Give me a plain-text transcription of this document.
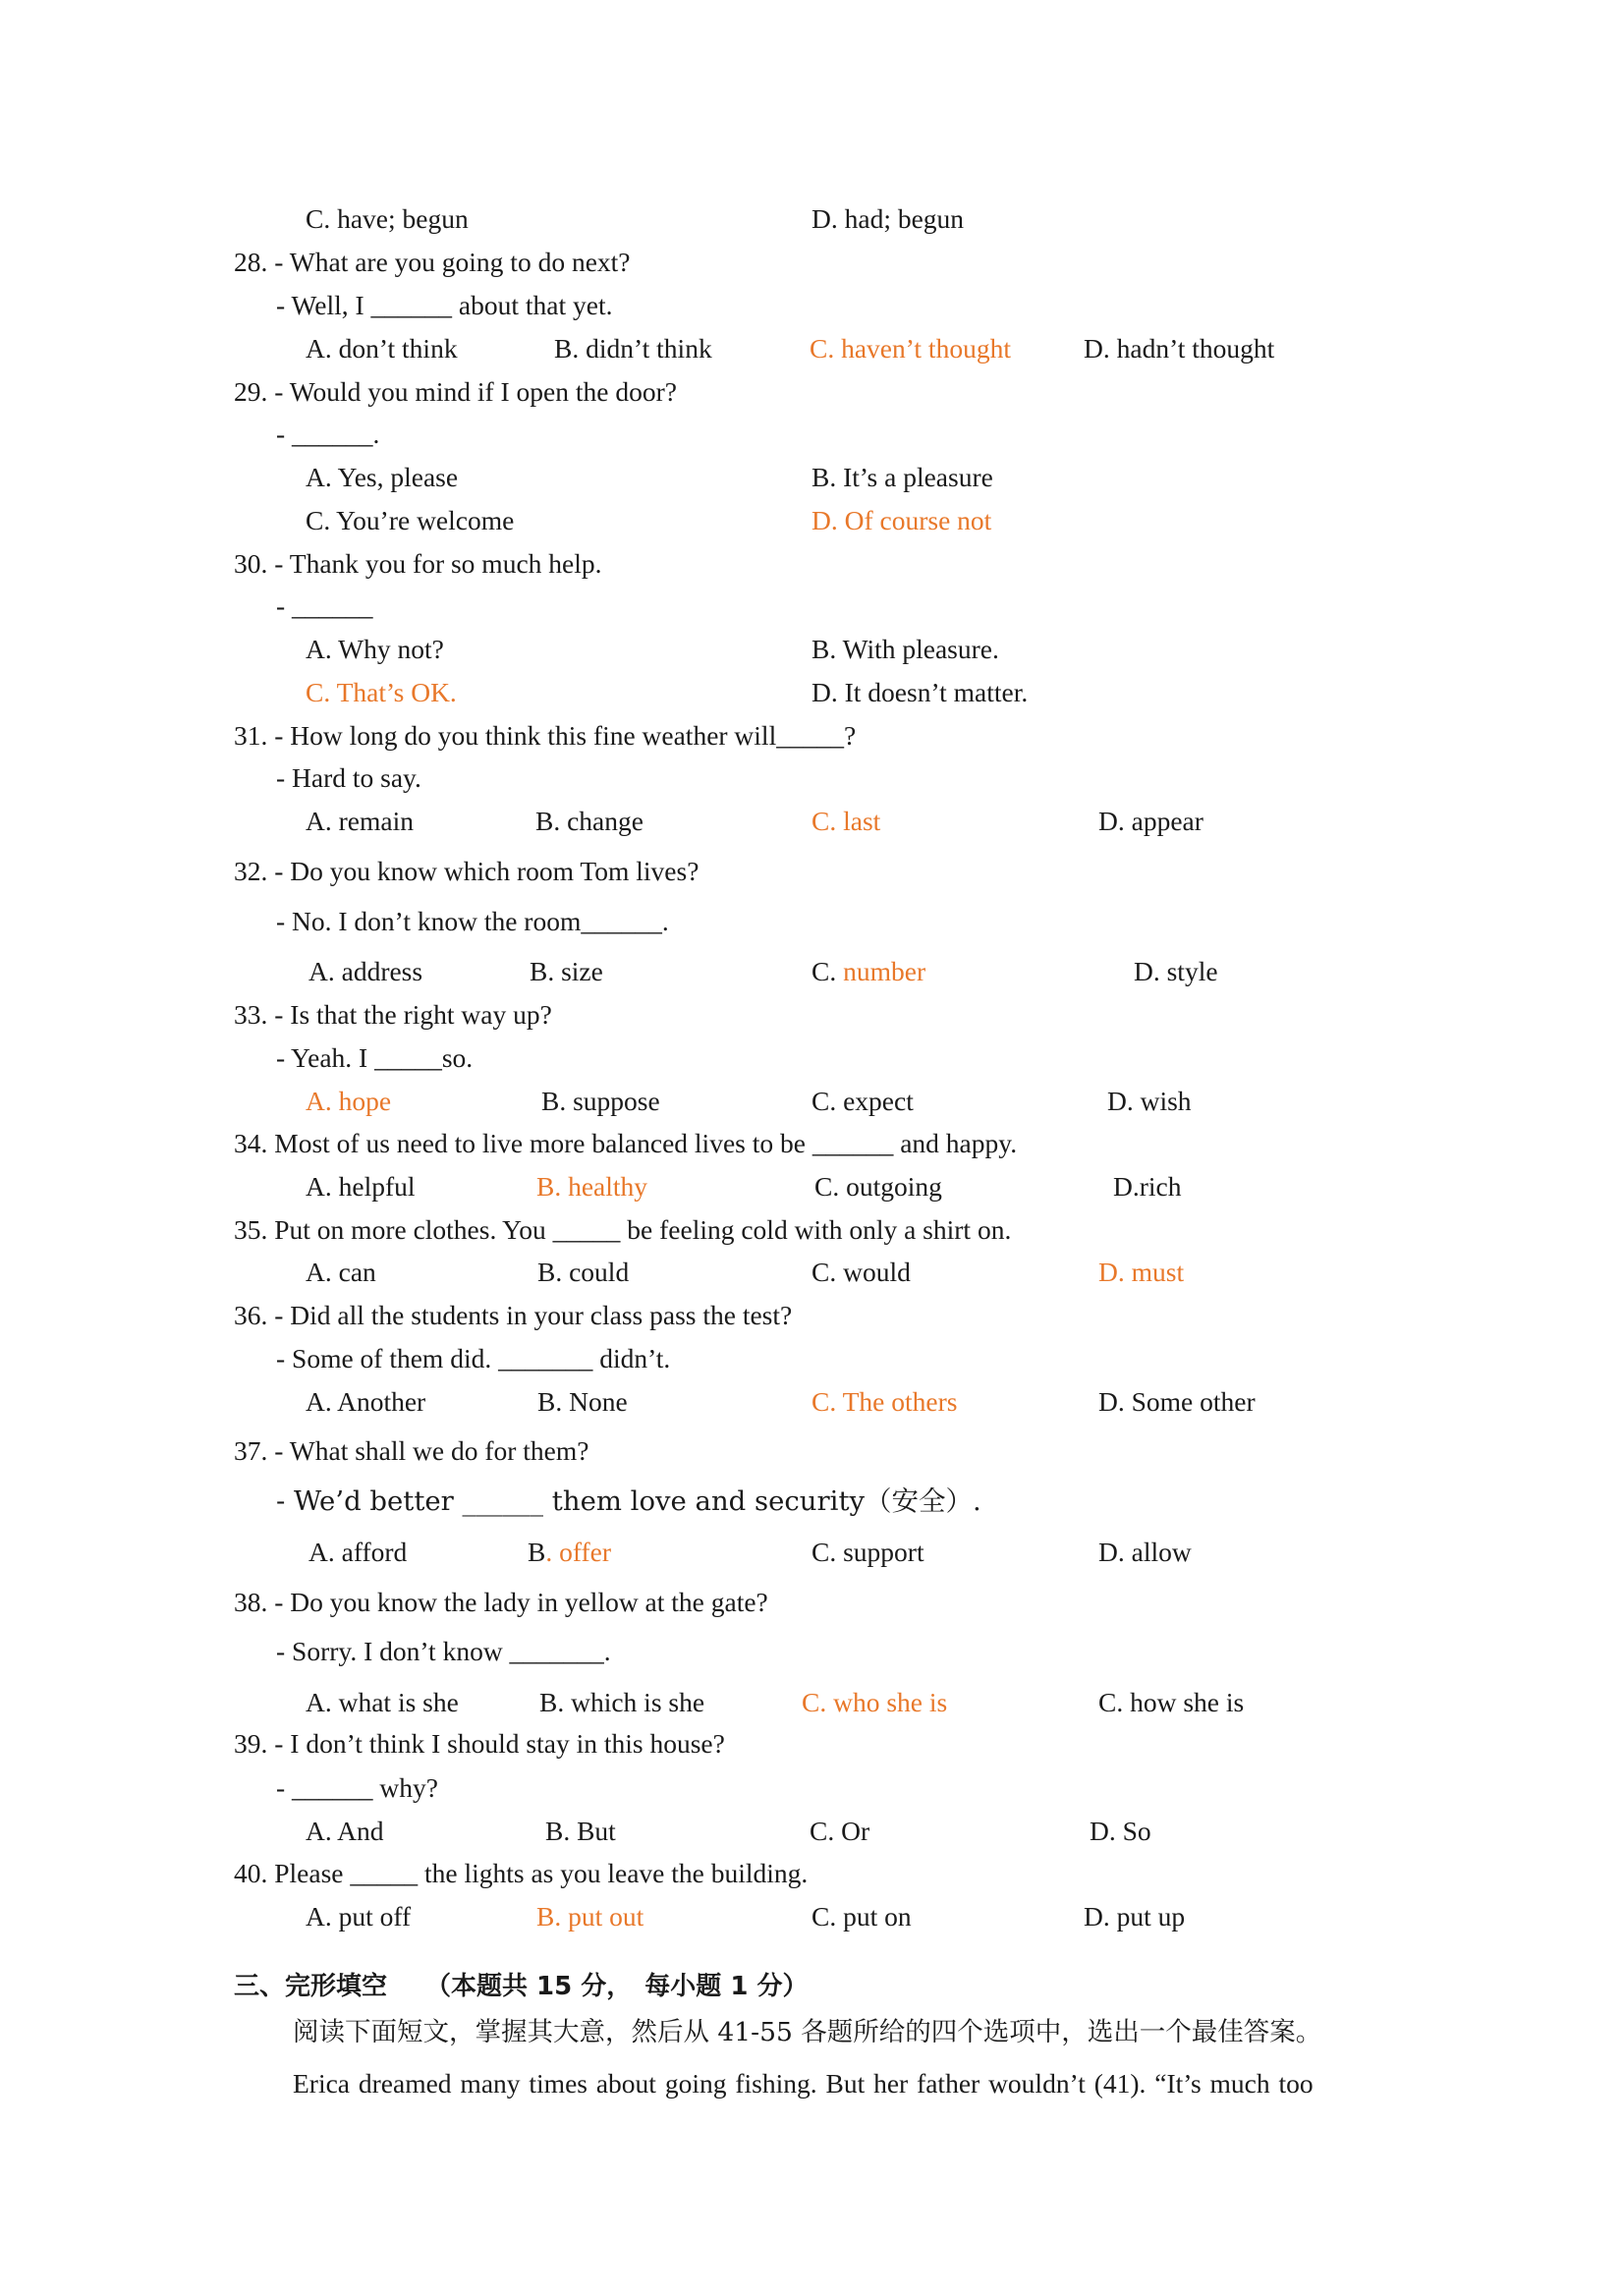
C. have; begun	D. had; begun
28. - What are you going to do next?
- Well, I ______ about that yet.
A. don’t think	B. didn’t think	C. haven’t thought	D. hadn’t thought
29. - Would you mind if I open the door?
- ______.
A. Yes, please	B. It’s a pleasure
C. You’re welcome	D. Of course not
30. - Thank you for so much help.
- ______
A. Why not?	B. With pleasure.
C. That’s OK.	D. It doesn’t matter.
31. - How long do you think this fine weather will_____?
- Hard to say.
A. remain	B. change	C. last	D. appear
32. - Do you know which room Tom lives?
- No. I don’t know the room______.
A. address	B. size	C. number	D. style
33. - Is that the right way up?
- Yeah. I _____so.
A. hope	B. suppose	C. expect	D. wish
34. Most of us need to live more balanced lives to be ______ and happy.
A. helpful	B. healthy	C. outgoing	D.rich
35. Put on more clothes. You _____ be feeling cold with only a shirt on.
A. can	B. could	C. would	D. must
36. - Did all the students in your class pass the test?
- Some of them did. _______ didn’t.
A. Another	B. None	C. The others	D. Some other
37. - What shall we do for them?
- We’d better ______ them love and security（安全）.
A. afford	B. offer	C. support	D. allow
38. - Do you know the lady in yellow at the gate?
- Sorry. I don’t know _______.
A. what is she	B. which is she	C. who she is	C. how she is
39. - I don’t think I should stay in this house?
- ______ why?
A. And	B. But	C. Or	D. So
40. Please _____ the lights as you leave the building.
A. put off	B. put out	C. put on	D. put up
三、完形填空　　（本题共 15 分，　每小题 1 分）
阅读下面短文，掌握其大意，然后从 41-55 各题所给的四个选项中，选出一个最佳答案。
Erica dreamed many times about going fishing. But her father wouldn’t (41). “It’s much too
